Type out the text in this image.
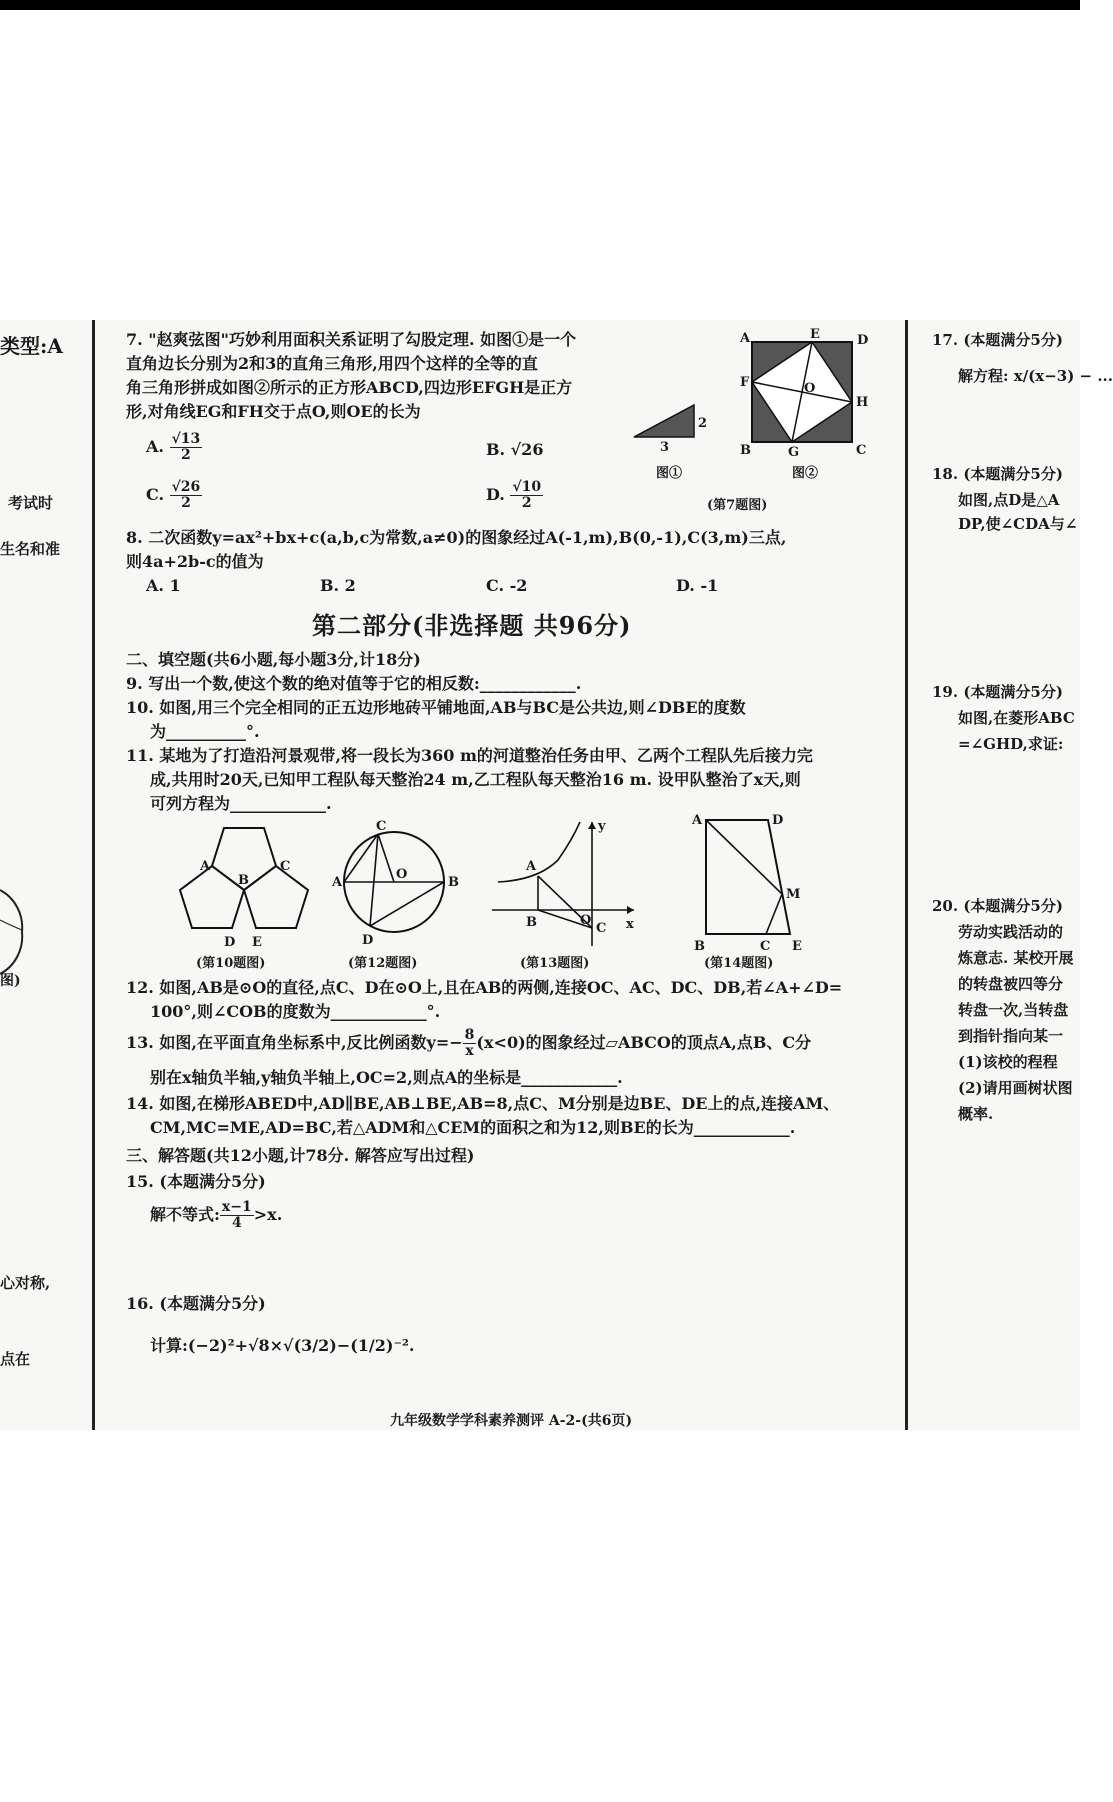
类型:A
考试时
生名和准
图)
心对称,
点在
7. "赵爽弦图"巧妙利用面积关系证明了勾股定理. 如图①是一个
直角边长分别为2和3的直角三角形,用四个这样的全等的直
角三角形拼成如图②所示的正方形ABCD,四边形EFGH是正方
形,对角线EG和FH交于点O,则OE的长为
A. $\frac{√13}{2}$	B. √26
C. $\frac{√26}{2}$	D. $\frac{√10}{2}$
3
2
图①
A	E	D
F	O
H
B	G	C
图②
(第7题图)
8. 二次函数y=ax²+bx+c(a,b,c为常数,a≠0)的图象经过A(-1,m),B(0,-1),C(3,m)三点,
则4a+2b-c的值为
A. 1	B. 2	C. -2	D. -1
第二部分(非选择题 共96分)
二、填空题(共6小题,每小题3分,计18分)
9. 写出一个数,使这个数的绝对值等于它的相反数:____________.
10. 如图,用三个完全相同的正五边形地砖平铺地面,AB与BC是公共边,则∠DBE的度数
为__________°.
11. 某地为了打造沿河景观带,将一段长为360 m的河道整治任务由甲、乙两个工程队先后接力完
成,共用时20天,已知甲工程队每天整治24 m,乙工程队每天整治16 m. 设甲队整治了x天,则
可列方程为____________.
A
B
C
D E
C
A
O
B
D
A
B	O
C
y
x
A	D
M
B	C E
(第10题图)	(第12题图)	(第13题图)	(第14题图)
12. 如图,AB是⊙O的直径,点C、D在⊙O上,且在AB的两侧,连接OC、AC、DC、DB,若∠A+∠D=
100°,则∠COB的度数为____________°.
13. 如图,在平面直角坐标系中,反比例函数$y=- \frac{8}{x} (x<0)$的图象经过▱ABCO的顶点A,点B、C分
别在x轴负半轴,y轴负半轴上,OC=2,则点A的坐标是____________.
14. 如图,在梯形ABED中,AD∥BE,AB⊥BE,AB=8,点C、M分别是边BE、DE上的点,连接AM、
CM,MC=ME,AD=BC,若△ADM和△CEM的面积之和为12,则BE的长为____________.
三、解答题(共12小题,计78分. 解答应写出过程)
15. (本题满分5分)
解不等式: $\frac{x-1}{4} >x$.
16. (本题满分5分)
计算:(−2)²+√8×√(3/2)−(1/2)⁻².
九年级数学学科素养测评 A-2-(共6页)
17. (本题满分5分)
解方程: x/(x−3) − ...
18. (本题满分5分)
如图,点D是△A
DP,使∠CDA与∠
19. (本题满分5分)
如图,在菱形ABC
=∠GHD,求证:
20. (本题满分5分)
劳动实践活动的
炼意志. 某校开展
的转盘被四等分
转盘一次,当转盘
到指针指向某一
(1)该校的程程
(2)请用画树状图
概率.
